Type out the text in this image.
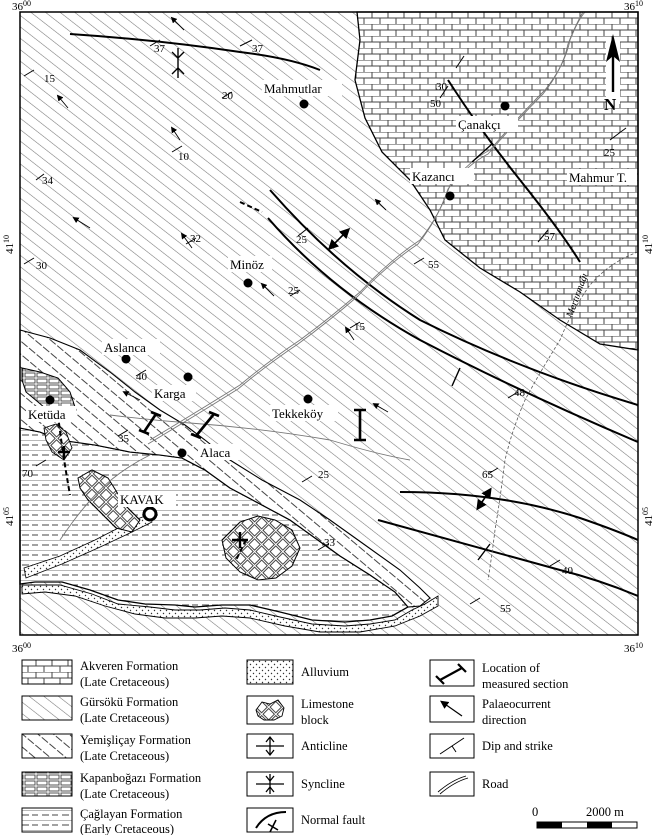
N
$36^{00}$	$36^{10}$
$36^{00}$	$36^{10}$
$41^{10}$
$41^{05}$
$41^{10}$
$41^{05}$
Mahmutlar
Çanakçı
Kazancı	Mahmur T.
Minöz
Aslanca
Karga
Tekkeköy
Ketüda
Alaca
KAVAK
Mertırmağı
37	37
15
20
10
34
32
30
30
50
25
57
25
25
55
15
40
35
48
70	25	65
33
40
55
Akveren Formation
(Late Cretaceous)
Gürsökü Formation
(Late Cretaceous)
Yemişliçay Formation
(Late Cretaceous)
Kapanboğazı Formation
(Late Cretaceous)
Çağlayan Formation
(Early Cretaceous)
Alluvium
Limestone
block
Anticline
Syncline
Normal fault
Location of
measured section
Palaeocurrent
direction
Dip and strike
Road
0	2000 m
